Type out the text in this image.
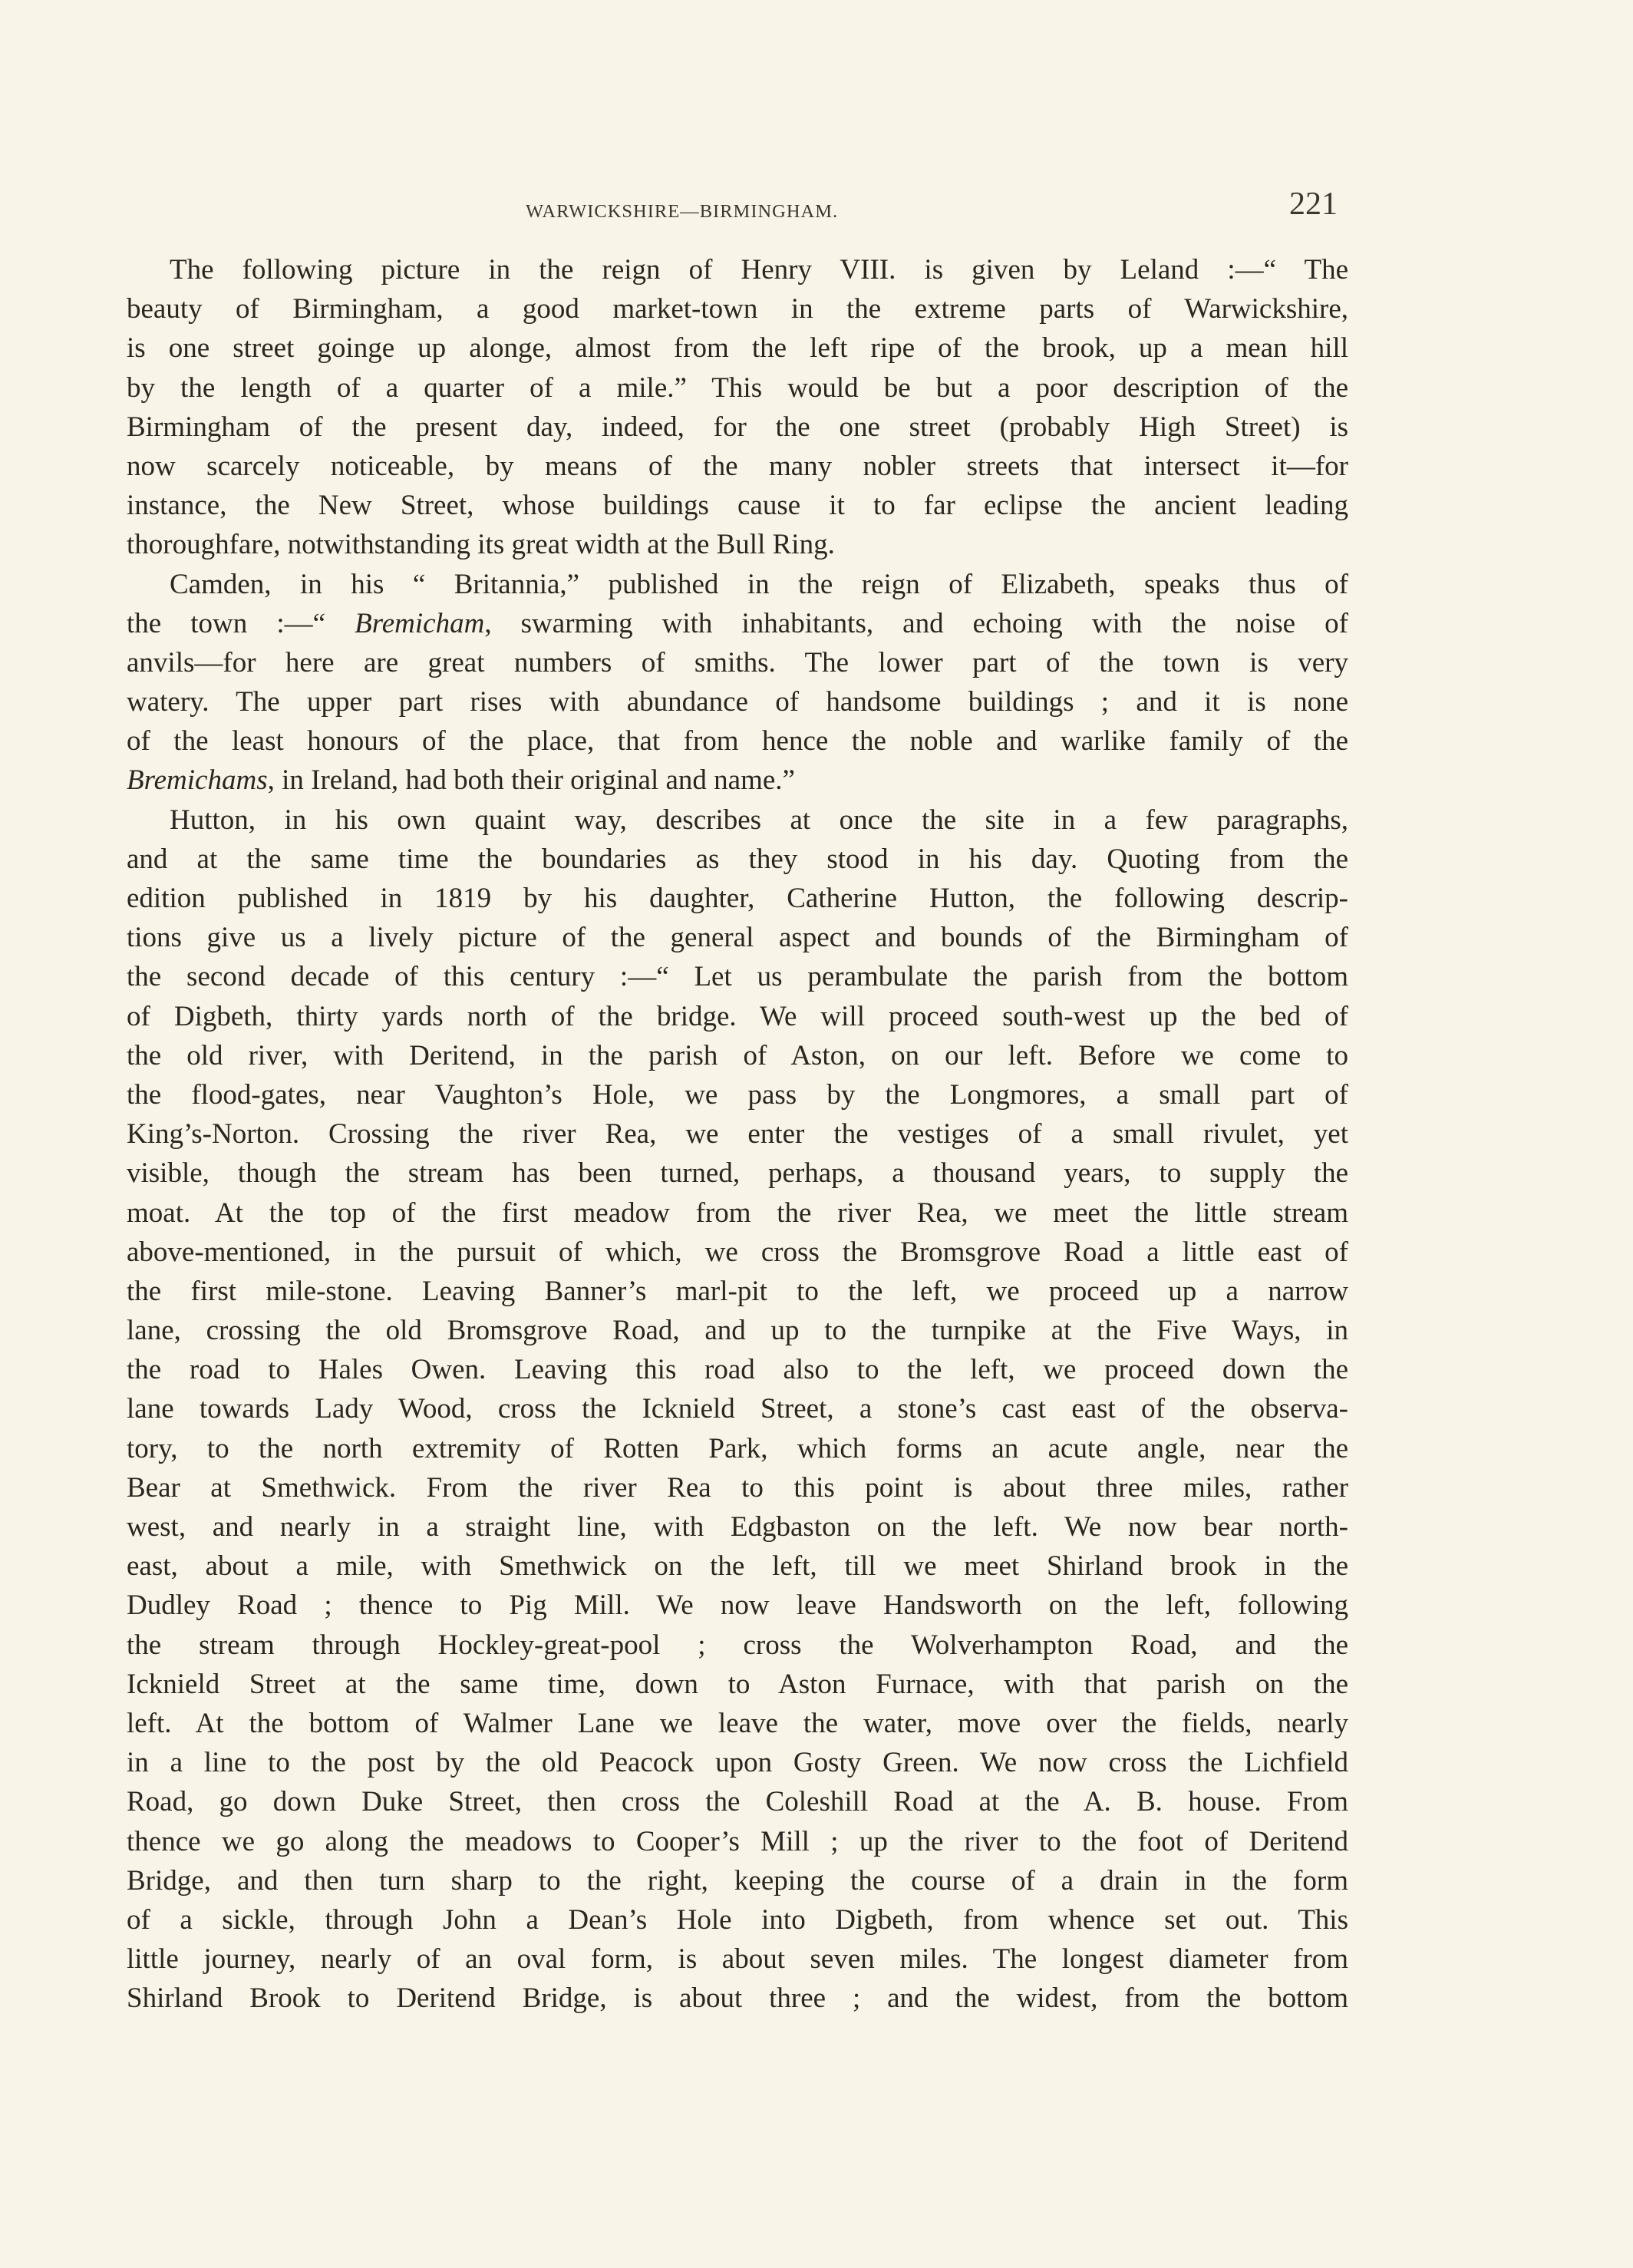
WARWICKSHIRE—BIRMINGHAM.	221
The following picture in the reign of Henry VIII. is given by Leland :—“ The
beauty of Birmingham, a good market-town in the extreme parts of Warwickshire,
is one street goinge up alonge, almost from the left ripe of the brook, up a mean hill
by the length of a quarter of a mile.” This would be but a poor description of the
Birmingham of the present day, indeed, for the one street (probably High Street) is
now scarcely noticeable, by means of the many nobler streets that intersect it—for
instance, the New Street, whose buildings cause it to far eclipse the ancient leading
thoroughfare, notwithstanding its great width at the Bull Ring.
Camden, in his “ Britannia,” published in the reign of Elizabeth, speaks thus of
the town :—“ Bremicham, swarming with inhabitants, and echoing with the noise of
anvils—for here are great numbers of smiths. The lower part of the town is very
watery. The upper part rises with abundance of handsome buildings ; and it is none
of the least honours of the place, that from hence the noble and warlike family of the
Bremichams, in Ireland, had both their original and name.”
Hutton, in his own quaint way, describes at once the site in a few paragraphs,
and at the same time the boundaries as they stood in his day. Quoting from the
edition published in 1819 by his daughter, Catherine Hutton, the following descrip-
tions give us a lively picture of the general aspect and bounds of the Birmingham of
the second decade of this century :—“ Let us perambulate the parish from the bottom
of Digbeth, thirty yards north of the bridge. We will proceed south-west up the bed of
the old river, with Deritend, in the parish of Aston, on our left. Before we come to
the flood-gates, near Vaughton’s Hole, we pass by the Longmores, a small part of
King’s-Norton. Crossing the river Rea, we enter the vestiges of a small rivulet, yet
visible, though the stream has been turned, perhaps, a thousand years, to supply the
moat. At the top of the first meadow from the river Rea, we meet the little stream
above-mentioned, in the pursuit of which, we cross the Bromsgrove Road a little east of
the first mile-stone. Leaving Banner’s marl-pit to the left, we proceed up a narrow
lane, crossing the old Bromsgrove Road, and up to the turnpike at the Five Ways, in
the road to Hales Owen. Leaving this road also to the left, we proceed down the
lane towards Lady Wood, cross the Icknield Street, a stone’s cast east of the observa-
tory, to the north extremity of Rotten Park, which forms an acute angle, near the
Bear at Smethwick. From the river Rea to this point is about three miles, rather
west, and nearly in a straight line, with Edgbaston on the left. We now bear north-
east, about a mile, with Smethwick on the left, till we meet Shirland brook in the
Dudley Road ; thence to Pig Mill. We now leave Handsworth on the left, following
the stream through Hockley-great-pool ; cross the Wolverhampton Road, and the
Icknield Street at the same time, down to Aston Furnace, with that parish on the
left. At the bottom of Walmer Lane we leave the water, move over the fields, nearly
in a line to the post by the old Peacock upon Gosty Green. We now cross the Lichfield
Road, go down Duke Street, then cross the Coleshill Road at the A. B. house. From
thence we go along the meadows to Cooper’s Mill ; up the river to the foot of Deritend
Bridge, and then turn sharp to the right, keeping the course of a drain in the form
of a sickle, through John a Dean’s Hole into Digbeth, from whence set out. This
little journey, nearly of an oval form, is about seven miles. The longest diameter from
Shirland Brook to Deritend Bridge, is about three ; and the widest, from the bottom
